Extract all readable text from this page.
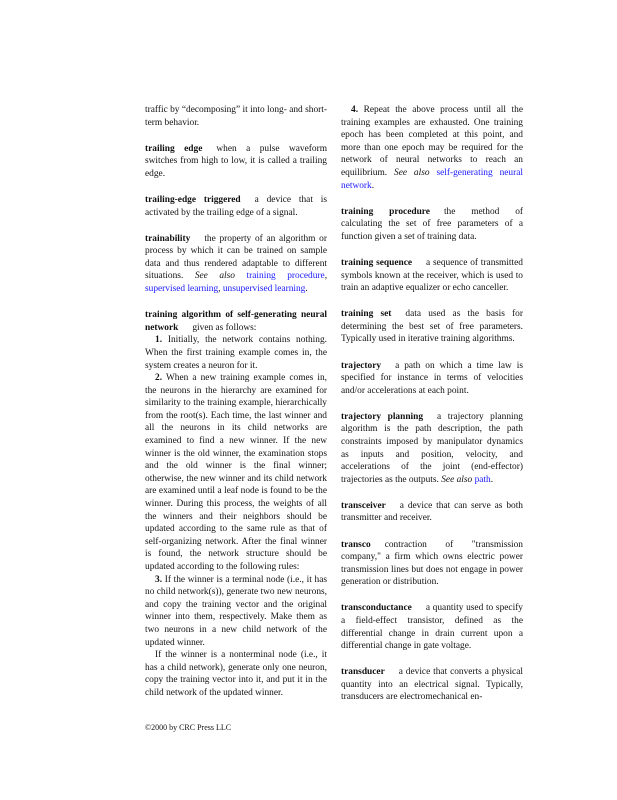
traffic by “decomposing” it into long- and short-term behavior.

trailing edge when a pulse waveform switches from high to low, it is called a trailing edge.

trailing-edge triggered a device that is activated by the trailing edge of a signal.

trainability the property of an algorithm or process by which it can be trained on sample data and thus rendered adaptable to different situations. See also training procedure, supervised learning, unsupervised learning.

training algorithm of self-generating neural network given as follows:

1. Initially, the network contains nothing. When the first training example comes in, the system creates a neuron for it.

2. When a new training example comes in, the neurons in the hierarchy are examined for similarity to the training example, hierarchically from the root(s). Each time, the last winner and all the neurons in its child networks are examined to find a new winner. If the new winner is the old winner, the examination stops and the old winner is the final winner; otherwise, the new winner and its child network are examined until a leaf node is found to be the winner. During this process, the weights of all the winners and their neighbors should be updated according to the same rule as that of self-organizing network. After the final winner is found, the network structure should be updated according to the following rules:

3. If the winner is a terminal node (i.e., it has no child network(s)), generate two new neurons, and copy the training vector and the original winner into them, respectively. Make them as two neurons in a new child network of the updated winner.

If the winner is a nonterminal node (i.e., it has a child network), generate only one neuron, copy the training vector into it, and put it in the child network of the updated winner.

4. Repeat the above process until all the training examples are exhausted. One training epoch has been completed at this point, and more than one epoch may be required for the network of neural networks to reach an equilibrium. See also self-generating neural network.

training procedure the method of calculating the set of free parameters of a function given a set of training data.

training sequence a sequence of transmitted symbols known at the receiver, which is used to train an adaptive equalizer or echo canceller.

training set data used as the basis for determining the best set of free parameters. Typically used in iterative training algorithms.

trajectory a path on which a time law is specified for instance in terms of velocities and/or accelerations at each point.

trajectory planning a trajectory planning algorithm is the path description, the path constraints imposed by manipulator dynamics as inputs and position, velocity, and accelerations of the joint (end-effector) trajectories as the outputs. See also path.

transceiver a device that can serve as both transmitter and receiver.

transco contraction of "transmission company," a firm which owns electric power transmission lines but does not engage in power generation or distribution.

transconductance a quantity used to specify a field-effect transistor, defined as the differential change in drain current upon a differential change in gate voltage.

transducer a device that converts a physical quantity into an electrical signal. Typically, transducers are electromechanical en-

©2000 by CRC Press LLC
